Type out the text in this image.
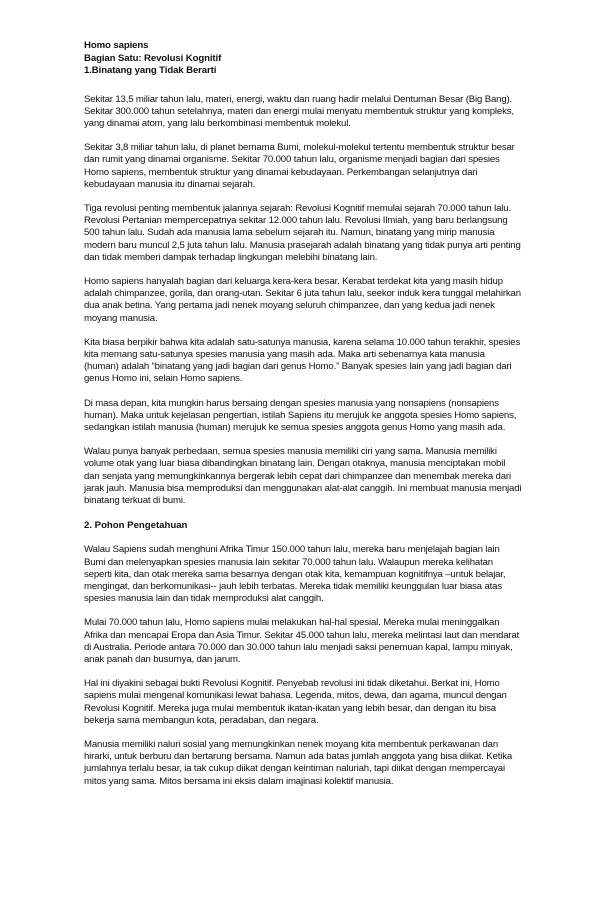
Homo sapiens
Bagian Satu: Revolusi Kognitif
1.Binatang yang Tidak Berarti

Sekitar 13,5 miliar tahun lalu, materi, energi, waktu dan ruang hadir melalui Dentuman Besar (Big Bang). Sekitar 300.000 tahun setelahnya, materi dan energi mulai menyatu membentuk struktur yang kompleks, yang dinamai atom, yang lalu berkombinasi membentuk molekul.

Sekitar 3,8 miliar tahun lalu, di planet bernama Bumi, molekul-molekul tertentu membentuk struktur besar dan rumit yang dinamai organisme. Sekitar 70.000 tahun lalu, organisme menjadi bagian dari spesies Homo sapiens, membentuk struktur yang dinamai kebudayaan. Perkembangan selanjutnya dari kebudayaan manusia itu dinamai sejarah.

Tiga revolusi penting membentuk jalannya sejarah: Revolusi Kognitif memulai sejarah 70.000 tahun lalu. Revolusi Pertanian mempercepatnya sekitar 12.000 tahun lalu. Revolusi Ilmiah, yang baru berlangsung 500 tahun lalu. Sudah ada manusia lama sebelum sejarah itu. Namun, binatang yang mirip manusia modern baru muncul 2,5 juta tahun lalu. Manusia prasejarah adalah binatang yang tidak punya arti penting dan tidak memberi dampak terhadap lingkungan melebihi binatang lain.

Homo sapiens hanyalah bagian dari keluarga kera-kera besar. Kerabat terdekat kita yang masih hidup adalah chimpanzee, gorila, dan orang-utan. Sekitar 6 juta tahun lalu, seekor induk kera tunggal melahirkan dua anak betina. Yang pertama jadi nenek moyang seluruh chimpanzee, dan yang kedua jadi nenek moyang manusia.

Kita biasa berpikir bahwa kita adalah satu-satunya manusia, karena selama 10.000 tahun terakhir, spesies kita memang satu-satunya spesies manusia yang masih ada. Maka arti sebenarnya kata manusia (human) adalah “binatang yang jadi bagian dari genus Homo.” Banyak spesies lain yang jadi bagian dari genus Homo ini, selain Homo sapiens.

Di masa depan, kita mungkin harus bersaing dengan spesies manusia yang nonsapiens (nonsapiens human). Maka untuk kejelasan pengertian, istilah Sapiens itu merujuk ke anggota spesies Homo sapiens, sedangkan istilah manusia (human) merujuk ke semua spesies anggota genus Homo yang masih ada.

Walau punya banyak perbedaan, semua spesies manusia memiliki ciri yang sama. Manusia memiliki volume otak yang luar biasa dibandingkan binatang lain. Dengan otaknya, manusia menciptakan mobil dan senjata yang memungkinkannya bergerak lebih cepat dari chimpanzee dan menembak mereka dari jarak jauh. Manusia bisa memproduksi dan menggunakan alat-alat canggih. Ini membuat manusia menjadi binatang terkuat di bumi.

2. Pohon Pengetahuan

Walau Sapiens sudah menghuni Afrika Timur 150.000 tahun lalu, mereka baru menjelajah bagian lain Bumi dan melenyapkan spesies manusia lain sekitar 70.000 tahun lalu. Walaupun mereka kelihatan seperti kita, dan otak mereka sama besarnya dengan otak kita, kemampuan kognitifnya –untuk belajar, mengingat, dan berkomunikasi-- jauh lebih terbatas. Mereka tidak memiliki keunggulan luar biasa atas spesies manusia lain dan tidak memproduksi alat canggih.

Mulai 70.000 tahun lalu, Homo sapiens mulai melakukan hal-hal spesial. Mereka mulai meninggalkan Afrika dan mencapai Eropa dan Asia Timur. Sekitar 45.000 tahun lalu, mereka melintasi laut dan mendarat di Australia. Periode antara 70.000 dan 30.000 tahun lalu menjadi saksi penemuan kapal, lampu minyak, anak panah dan busurnya, dan jarum.

Hal ini diyakini sebagai bukti Revolusi Kognitif. Penyebab revolusi ini tidak diketahui. Berkat ini, Homo sapiens mulai mengenal komunikasi lewat bahasa. Legenda, mitos, dewa, dan agama, muncul dengan Revolusi Kognitif. Mereka juga mulai membentuk ikatan-ikatan yang lebih besar, dan dengan itu bisa bekerja sama membangun kota, peradaban, dan negara.

Manusia memiliki naluri sosial yang memungkinkan nenek moyang kita membentuk perkawanan dan hirarki, untuk berburu dan bertarung bersama. Namun ada batas jumlah anggota yang bisa diikat. Ketika jumlahnya terlalu besar, ia tak cukup diikat dengan keintiman naluriah, tapi diikat dengan mempercayai mitos yang sama. Mitos bersama ini eksis dalam imajinasi kolektif manusia.
